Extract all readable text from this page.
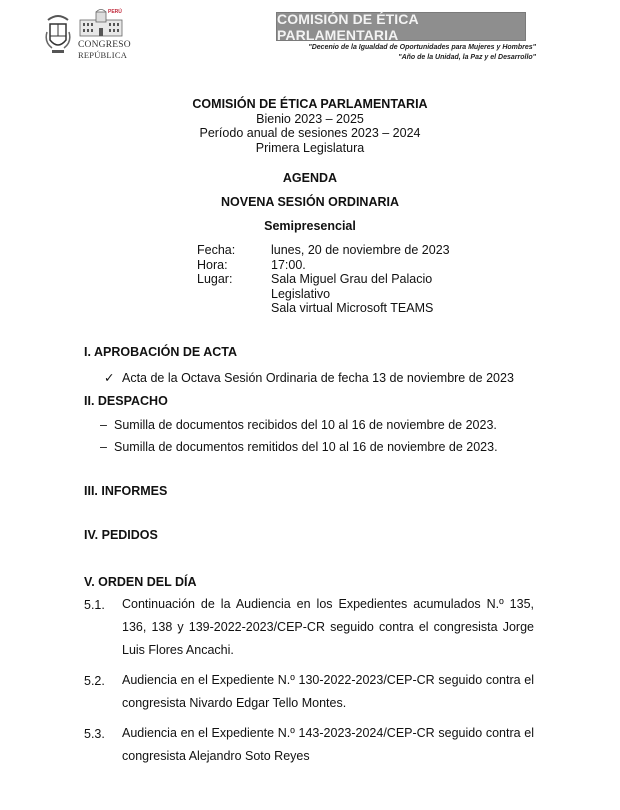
PERÚ
CONGRESO
REPÚBLICA
COMISIÓN DE ÉTICA PARLAMENTARIA
"Decenio de la Igualdad de Oportunidades para Mujeres y Hombres"
"Año de la Unidad, la Paz y el Desarrollo"
COMISIÓN DE ÉTICA PARLAMENTARIA
Bienio 2023 – 2025
Período anual de sesiones 2023 – 2024
Primera Legislatura
AGENDA
NOVENA SESIÓN ORDINARIA
Semipresencial
Fecha:	lunes, 20 de noviembre de 2023
Hora:	17:00.
Lugar:	Sala Miguel Grau del Palacio
Legislativo
Sala virtual Microsoft TEAMS
I. APROBACIÓN DE ACTA
✓ Acta de la Octava Sesión Ordinaria de fecha 13 de noviembre de 2023
II. DESPACHO
– Sumilla de documentos recibidos del 10 al 16 de noviembre de 2023.
– Sumilla de documentos remitidos del 10 al 16 de noviembre de 2023.
III. INFORMES
IV. PEDIDOS
V. ORDEN DEL DÍA
5.1. Continuación de la Audiencia en los Expedientes acumulados N.º 135, 136, 138 y 139-2022-2023/CEP-CR seguido contra el congresista Jorge Luis Flores Ancachi.
5.2. Audiencia en el Expediente N.º 130-2022-2023/CEP-CR seguido contra el congresista Nivardo Edgar Tello Montes.
5.3. Audiencia en el Expediente N.º 143-2023-2024/CEP-CR seguido contra el congresista Alejandro Soto Reyes
